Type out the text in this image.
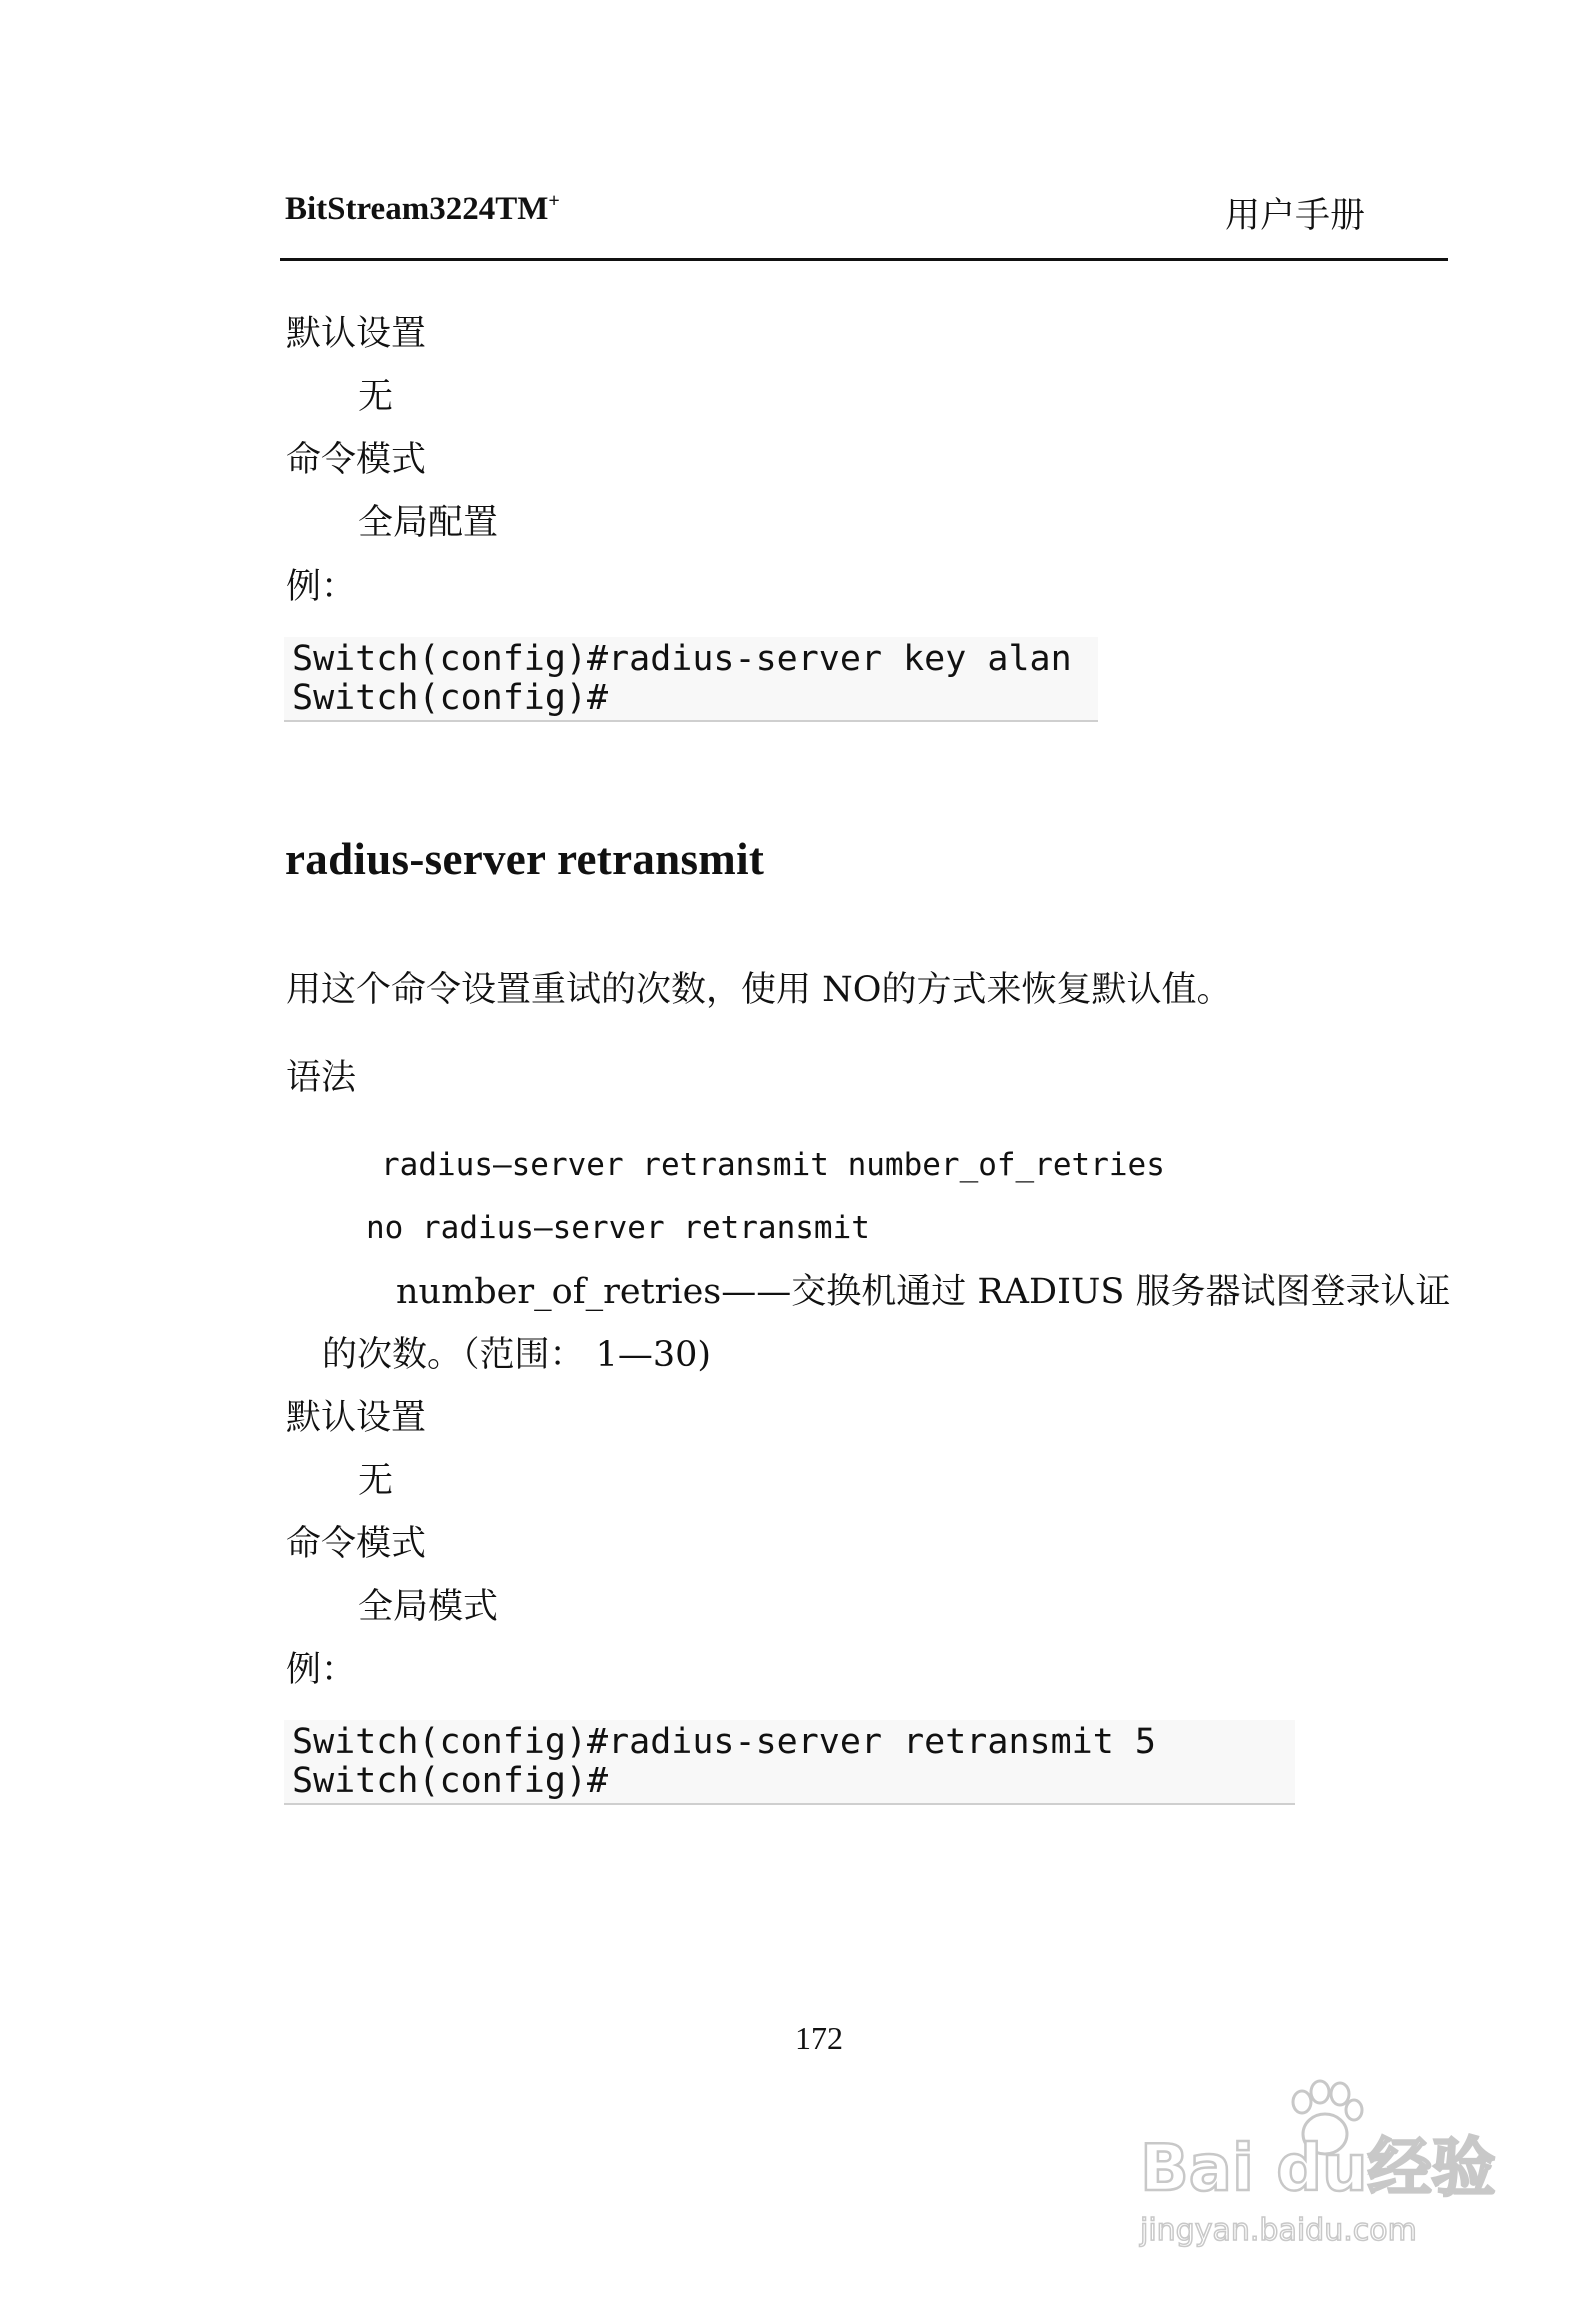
BitStream3224TM+	用户手册
默认设置
无
命令模式
全局配置
例：
Switch(config)#radius-server key alan
Switch(config)#
radius-server retransmit
用这个命令设置重试的次数，使用 NO的方式来恢复默认值。
语法
radius—server retransmit number_of_retries
no radius—server retransmit
number_of_retries——交换机通过 RADIUS 服务器试图登录认证
的次数。（范围： 1—30)
默认设置
无
命令模式
全局模式
例：
Switch(config)#radius-server retransmit 5
Switch(config)#
172
Bai du经验
jingyan.baidu.com
